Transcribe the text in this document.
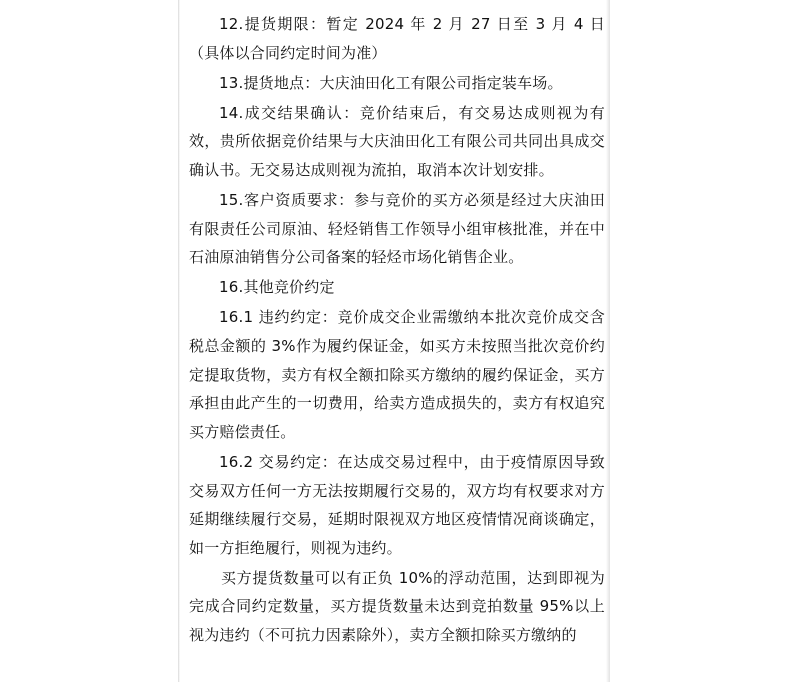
12.提货期限：暂定 2024 年 2 月 27 日至 3 月 4 日（具体以合同约定时间为准）

13.提货地点：大庆油田化工有限公司指定装车场。

14.成交结果确认：竞价结束后，有交易达成则视为有效，贵所依据竞价结果与大庆油田化工有限公司共同出具成交确认书。无交易达成则视为流拍，取消本次计划安排。

15.客户资质要求：参与竞价的买方必须是经过大庆油田有限责任公司原油、轻烃销售工作领导小组审核批准，并在中石油原油销售分公司备案的轻烃市场化销售企业。

16.其他竞价约定

16.1 违约约定：竞价成交企业需缴纳本批次竞价成交含税总金额的 3%作为履约保证金，如买方未按照当批次竞价约定提取货物，卖方有权全额扣除买方缴纳的履约保证金，买方承担由此产生的一切费用，给卖方造成损失的，卖方有权追究买方赔偿责任。

16.2 交易约定：在达成交易过程中，由于疫情原因导致交易双方任何一方无法按期履行交易的，双方均有权要求对方延期继续履行交易，延期时限视双方地区疫情情况商谈确定，如一方拒绝履行，则视为违约。

买方提货数量可以有正负 10%的浮动范围，达到即视为完成合同约定数量，买方提货数量未达到竞拍数量 95%以上视为违约（不可抗力因素除外），卖方全额扣除买方缴纳的
